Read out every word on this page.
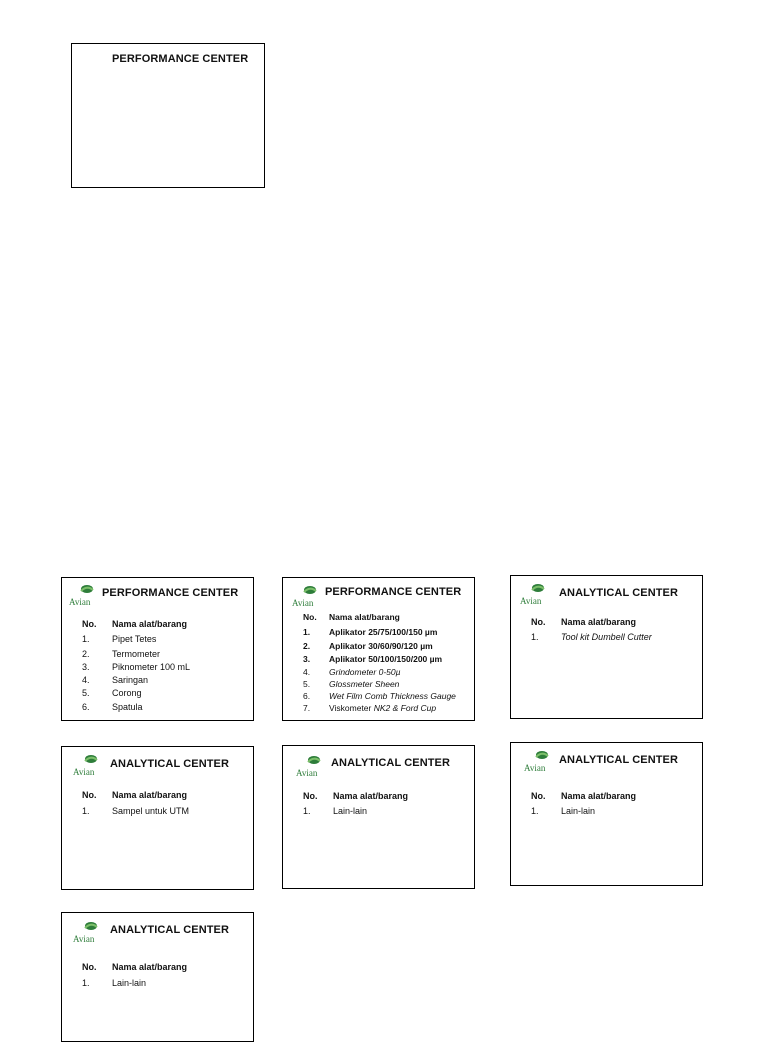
PERFORMANCE CENTER
Avian
PERFORMANCE CENTER
No. Nama alat/barang
1. Pipet Tetes
2. Termometer
3. Piknometer 100 mL
4. Saringan
5. Corong
6. Spatula
Avian
PERFORMANCE CENTER
No. Nama alat/barang
1. Aplikator 25/75/100/150 µm
2. Aplikator 30/60/90/120 µm
3. Aplikator 50/100/150/200 µm
4. Grindometer 0-50µ
5. Glossmeter Sheen
6. Wet Film Comb Thickness Gauge
7. Viskometer NK2 & Ford Cup
Avian
ANALYTICAL CENTER
No. Nama alat/barang
1. Tool kit Dumbell Cutter
Avian
ANALYTICAL CENTER
No. Nama alat/barang
1. Sampel untuk UTM
Avian
ANALYTICAL CENTER
No. Nama alat/barang
1. Lain-lain
Avian
ANALYTICAL CENTER
No. Nama alat/barang
1. Lain-lain
Avian
ANALYTICAL CENTER
No. Nama alat/barang
1. Lain-lain
